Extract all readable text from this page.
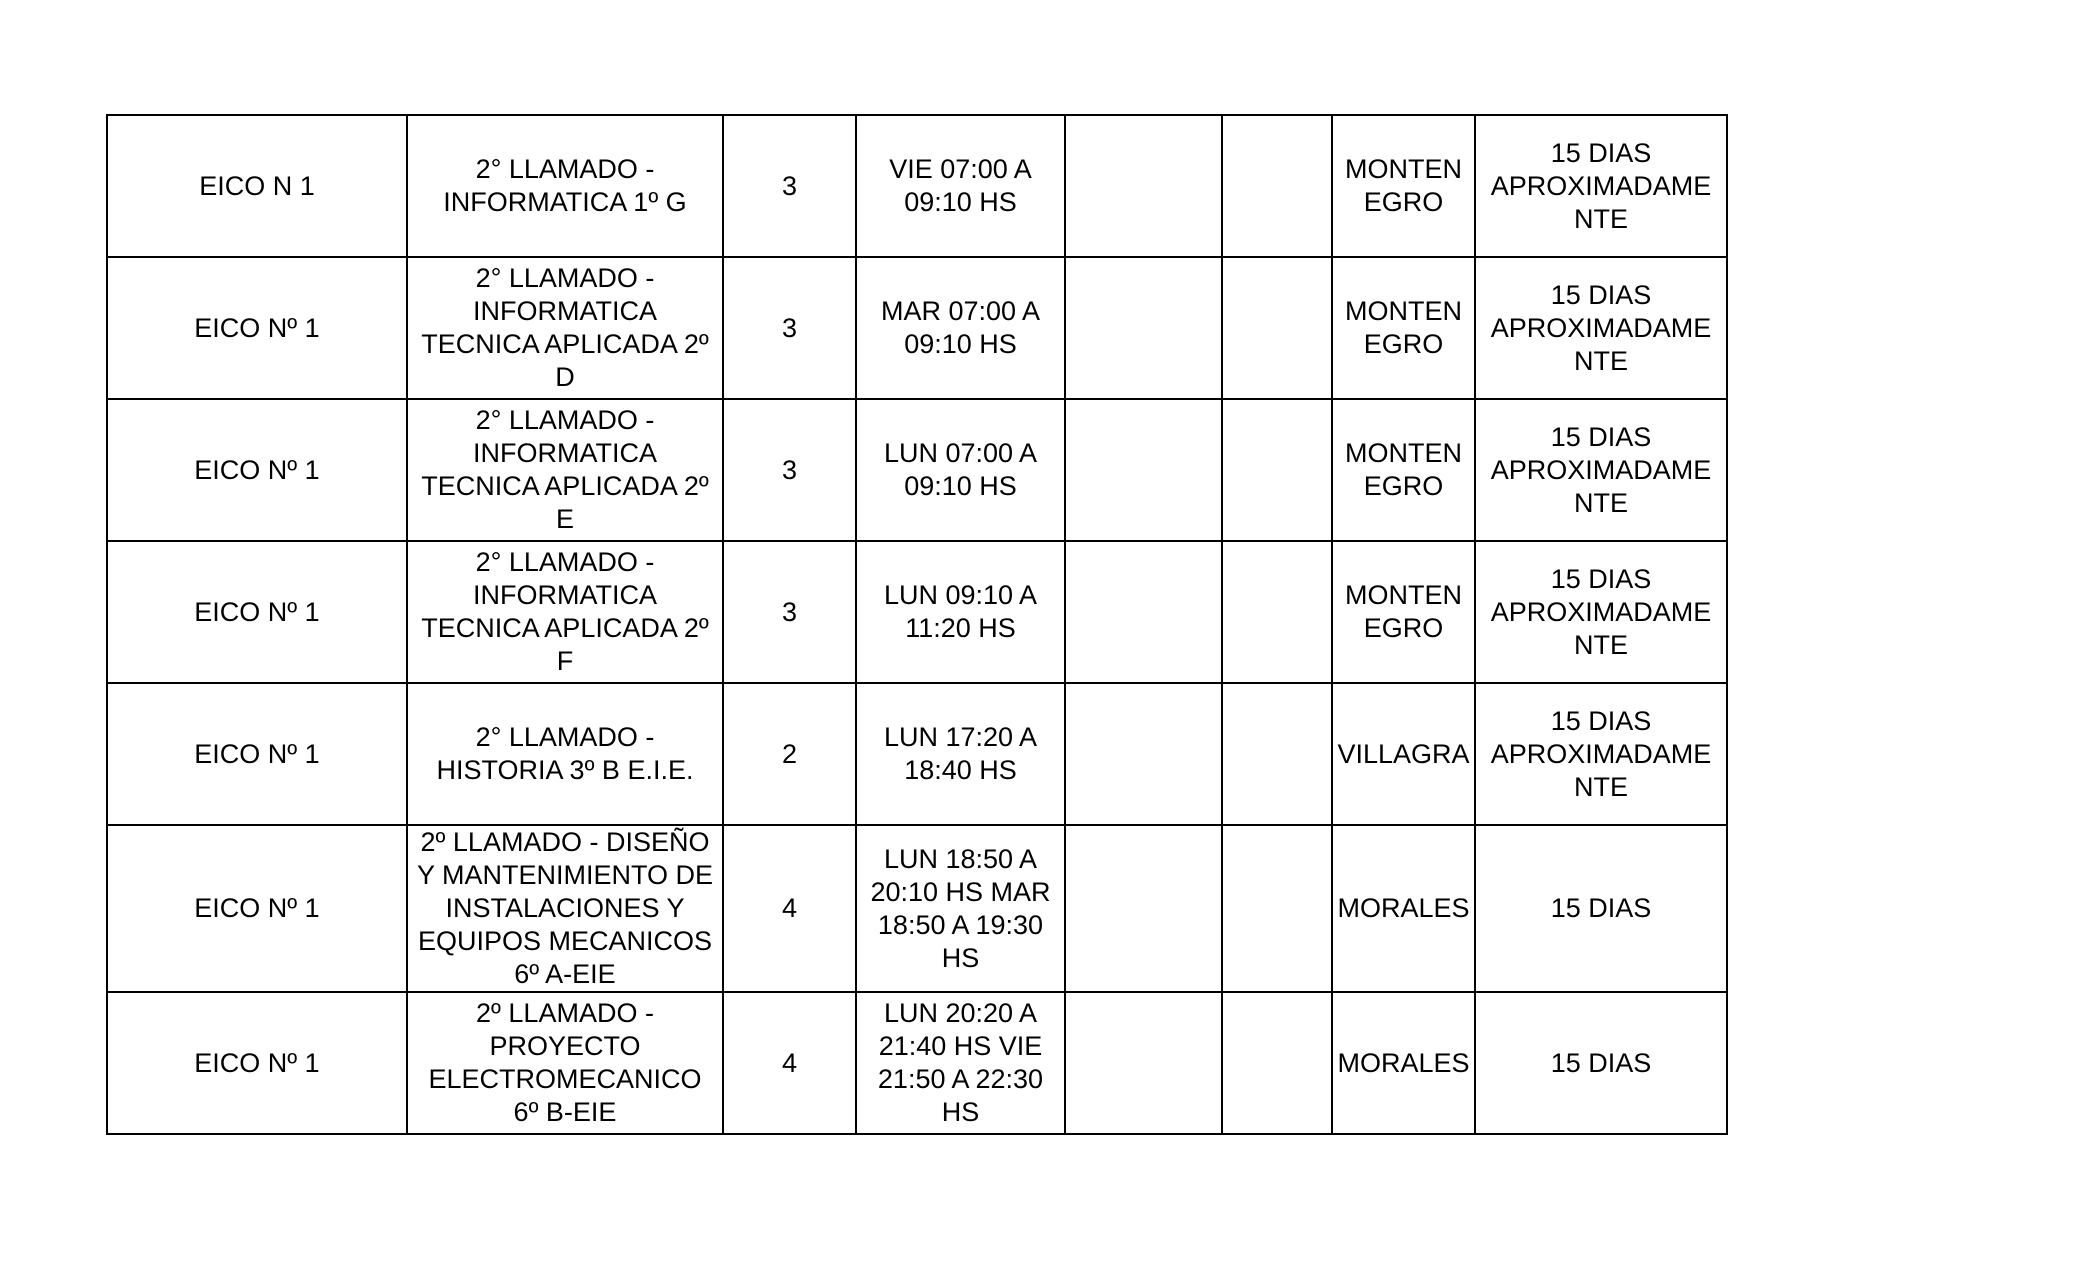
EICO N 1	2° LLAMADO -
INFORMATICA 1º G	3	VIE 07:00 A
09:10 HS			MONTEN
EGRO	15 DIAS
APROXIMADAME
NTE

EICO Nº 1	2° LLAMADO -
INFORMATICA
TECNICA APLICADA 2º
D	3	MAR 07:00 A
09:10 HS			MONTEN
EGRO	15 DIAS
APROXIMADAME
NTE

EICO Nº 1	2° LLAMADO -
INFORMATICA
TECNICA APLICADA 2º
E	3	LUN 07:00 A
09:10 HS			MONTEN
EGRO	15 DIAS
APROXIMADAME
NTE

EICO Nº 1	2° LLAMADO -
INFORMATICA
TECNICA APLICADA 2º
F	3	LUN 09:10 A
11:20 HS			MONTEN
EGRO	15 DIAS
APROXIMADAME
NTE

EICO Nº 1	2° LLAMADO -
HISTORIA 3º B E.I.E.	2	LUN 17:20 A
18:40 HS			VILLAGRA	15 DIAS
APROXIMADAME
NTE

EICO Nº 1	2º LLAMADO - DISEÑO
Y MANTENIMIENTO DE
INSTALACIONES Y
EQUIPOS MECANICOS
6º A-EIE	4	LUN 18:50 A
20:10 HS MAR
18:50 A 19:30
HS			MORALES	15 DIAS

EICO Nº 1	2º LLAMADO -
PROYECTO
ELECTROMECANICO
6º B-EIE	4	LUN 20:20 A
21:40 HS VIE
21:50 A 22:30
HS			MORALES	15 DIAS
